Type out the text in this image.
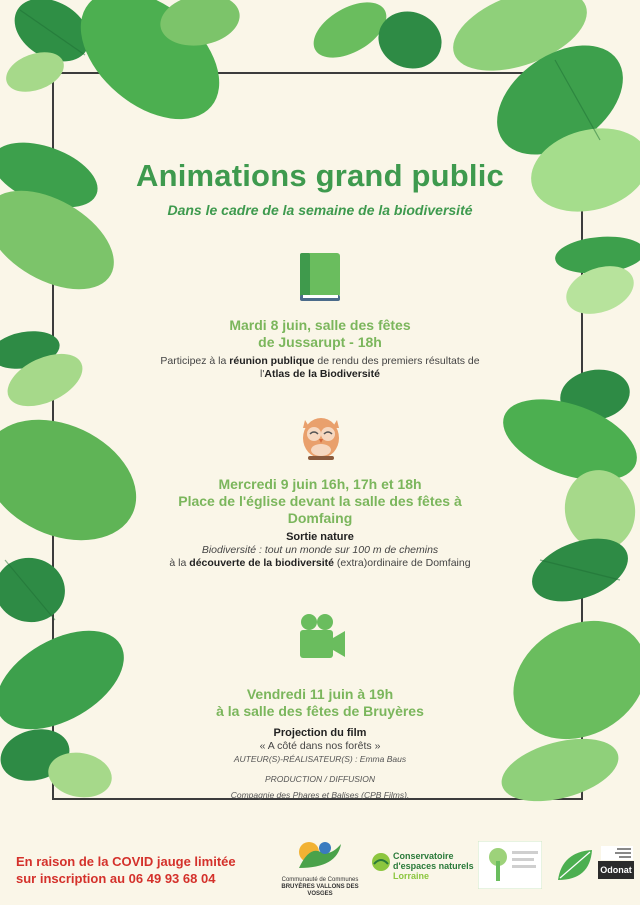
Animations grand public
Dans le cadre de la semaine de la biodiversité
Mardi 8 juin, salle des fêtes
de Jussarupt - 18h
Participez à la réunion publique de rendu des premiers résultats de l'Atlas de la Biodiversité
Mercredi 9 juin 16h, 17h et 18h
Place de l'église devant la salle des fêtes à
Domfaing
Sortie nature
Biodiversité : tout un monde sur 100 m de chemins
à la découverte de la biodiversité (extra)ordinaire de Domfaing
Vendredi 11 juin à 19h
à la salle des fêtes de Bruyères
Projection du film
« A côté dans nos forêts »
AUTEUR(S)-RÉALISATEUR(S) : Emma Baus
PRODUCTION / DIFFUSION
Compagnie des Phares et Balises (CPB Films),
En raison de la COVID jauge limitée
sur inscription au 06 49 93 68 04	Communauté de Communes
BRUYÈRES VALLONS DES VOSGES
Conservatoire
d'espaces naturels
Lorraine
Odonat
